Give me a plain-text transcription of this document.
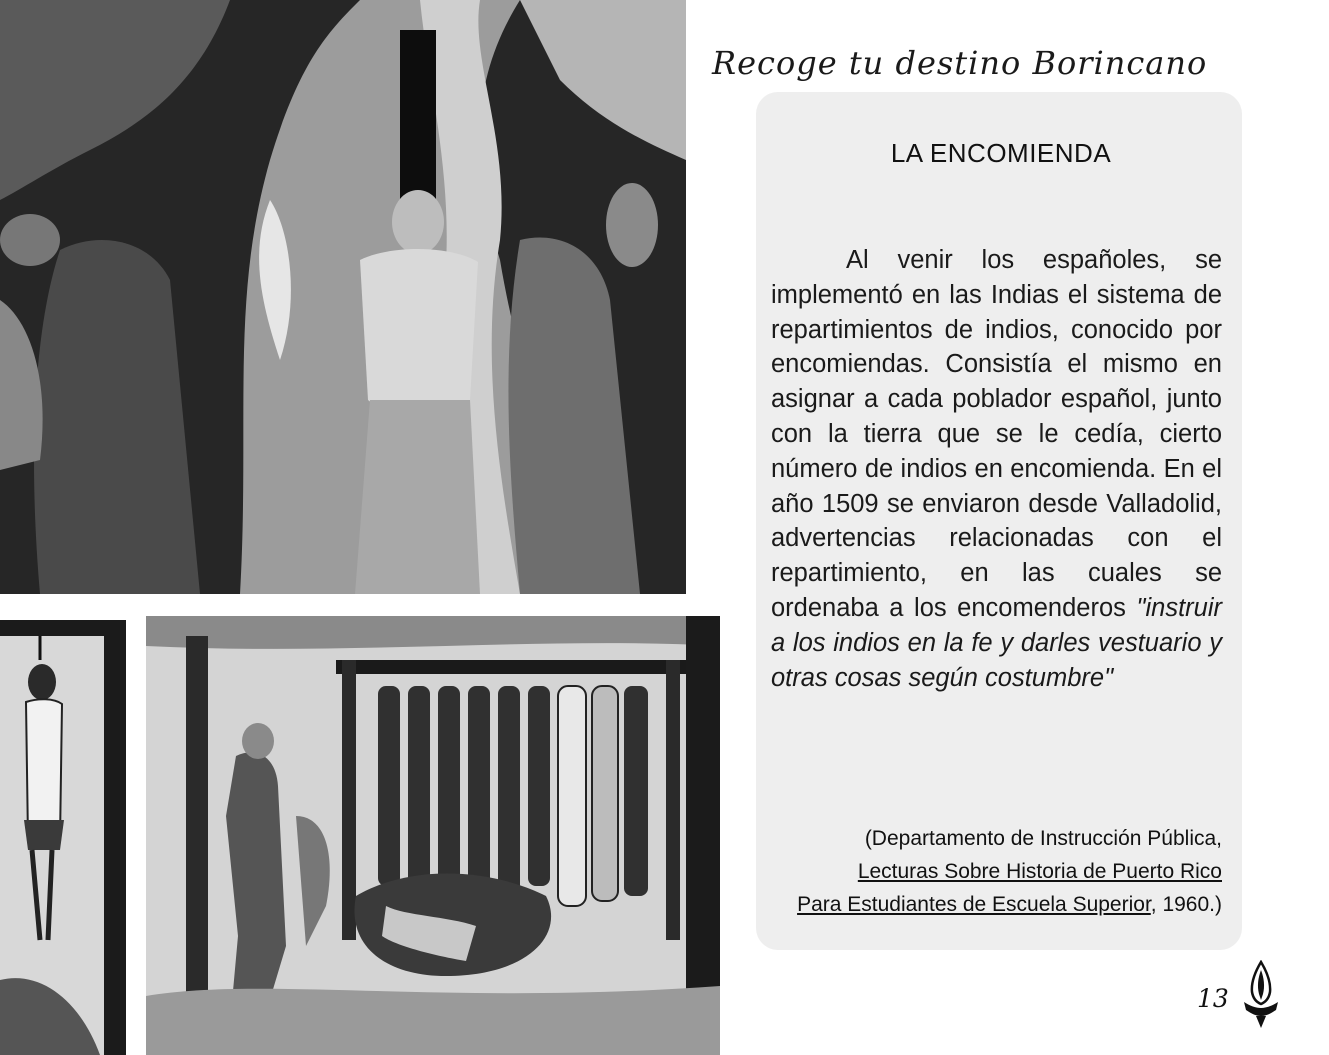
Recoge tu destino Borincano
LA ENCOMIENDA

Al venir los españoles, se implementó en las Indias el sistema de repartimientos de indios, conocido por encomiendas. Consistía el mismo en asignar a cada poblador español, junto con la tierra que se le cedía, cierto número de indios en encomienda. En el año 1509 se enviaron desde Valladolid, advertencias relacionadas con el repartimiento, en las cuales se ordenaba a los encomenderos "instruir a los indios en la fe y darles vestuario y otras cosas según costumbre"

(Departamento de Instrucción Pública,
Lecturas Sobre Historia de Puerto Rico
Para Estudiantes de Escuela Superior, 1960.)
13
